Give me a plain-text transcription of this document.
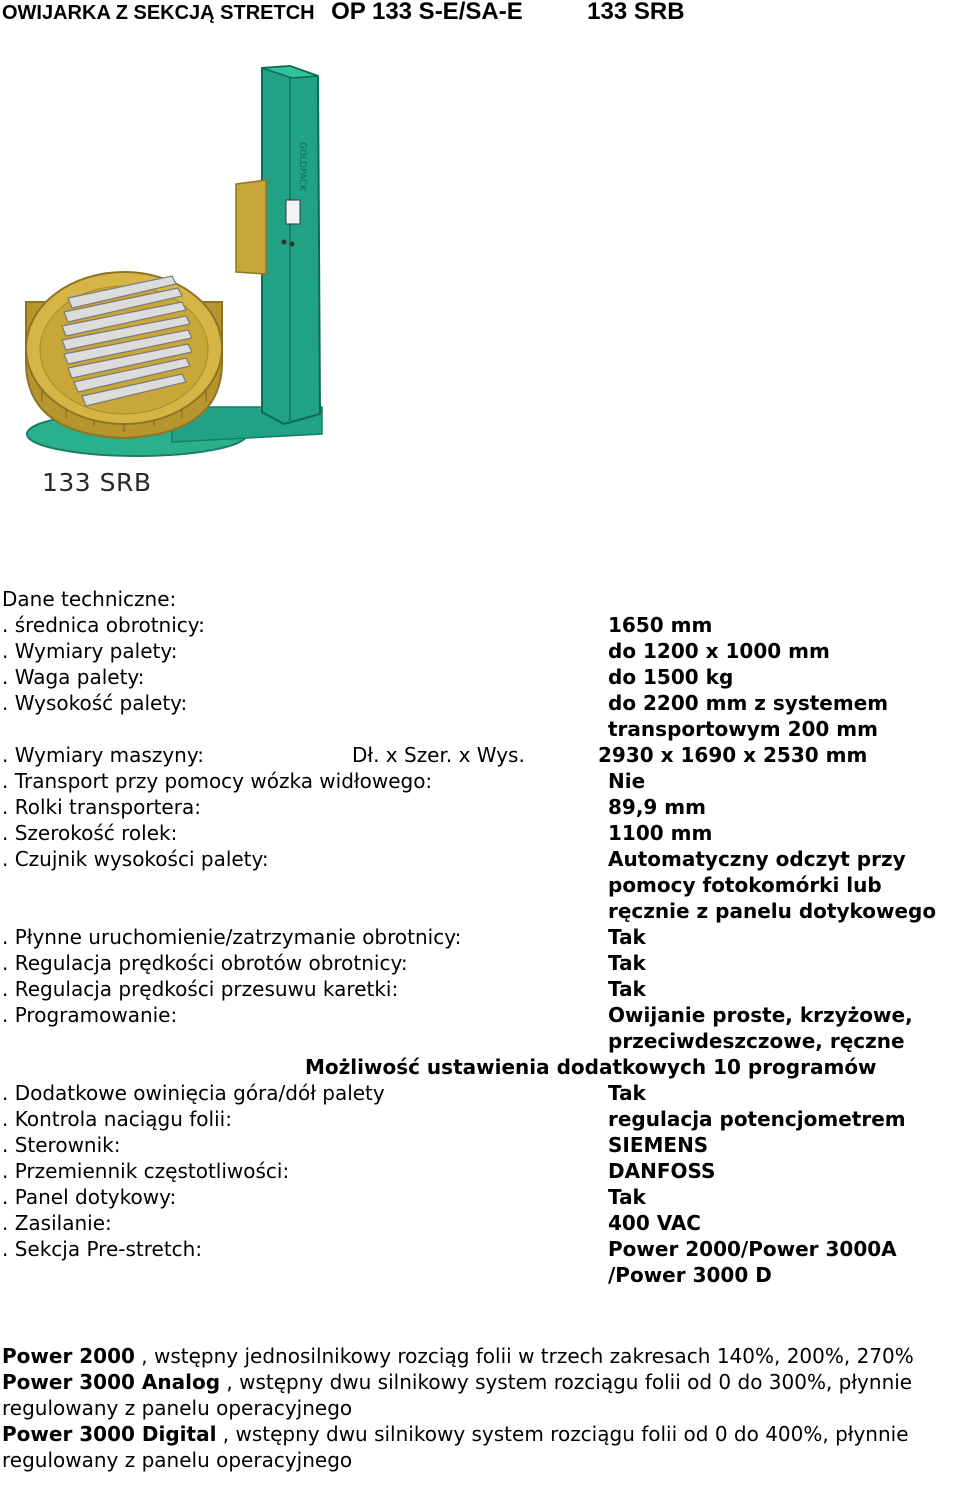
OWIJARKA Z SEKCJĄ STRETCH OP 133 S-E/SA-E	133 SRB
GOLDPACK
133 SRB
Dane techniczne:
. średnica obrotnicy:	1650 mm
. Wymiary palety:	do 1200 x 1000 mm
. Waga palety:	do 1500 kg
. Wysokość palety:	do 2200 mm z systemem
transportowym 200 mm
. Wymiary maszyny:	Dł. x Szer. x Wys.	2930 x 1690 x 2530 mm
. Transport przy pomocy wózka widłowego:	Nie
. Rolki transportera:	89,9 mm
. Szerokość rolek:	1100 mm
. Czujnik wysokości palety:	Automatyczny odczyt przy
pomocy fotokomórki lub
ręcznie z panelu dotykowego
. Płynne uruchomienie/zatrzymanie obrotnicy:	Tak
. Regulacja prędkości obrotów obrotnicy:	Tak
. Regulacja prędkości przesuwu karetki:	Tak
. Programowanie:	Owijanie proste, krzyżowe,
przeciwdeszczowe, ręczne
Możliwość ustawienia dodatkowych 10 programów
. Dodatkowe owinięcia góra/dół palety	Tak
. Kontrola naciągu folii:	regulacja potencjometrem
. Sterownik:	SIEMENS
. Przemiennik częstotliwości:	DANFOSS
. Panel dotykowy:	Tak
. Zasilanie:	400 VAC
. Sekcja Pre-stretch:	Power 2000/Power 3000A
/Power 3000 D

Power 2000 , wstępny jednosilnikowy rozciąg folii w trzech zakresach 140%, 200%, 270%

Power 3000 Analog , wstępny dwu silnikowy system rozciągu folii od 0 do 300%, płynnie regulowany z panelu operacyjnego

Power 3000 Digital , wstępny dwu silnikowy system rozciągu folii od 0 do 400%, płynnie regulowany z panelu operacyjnego
